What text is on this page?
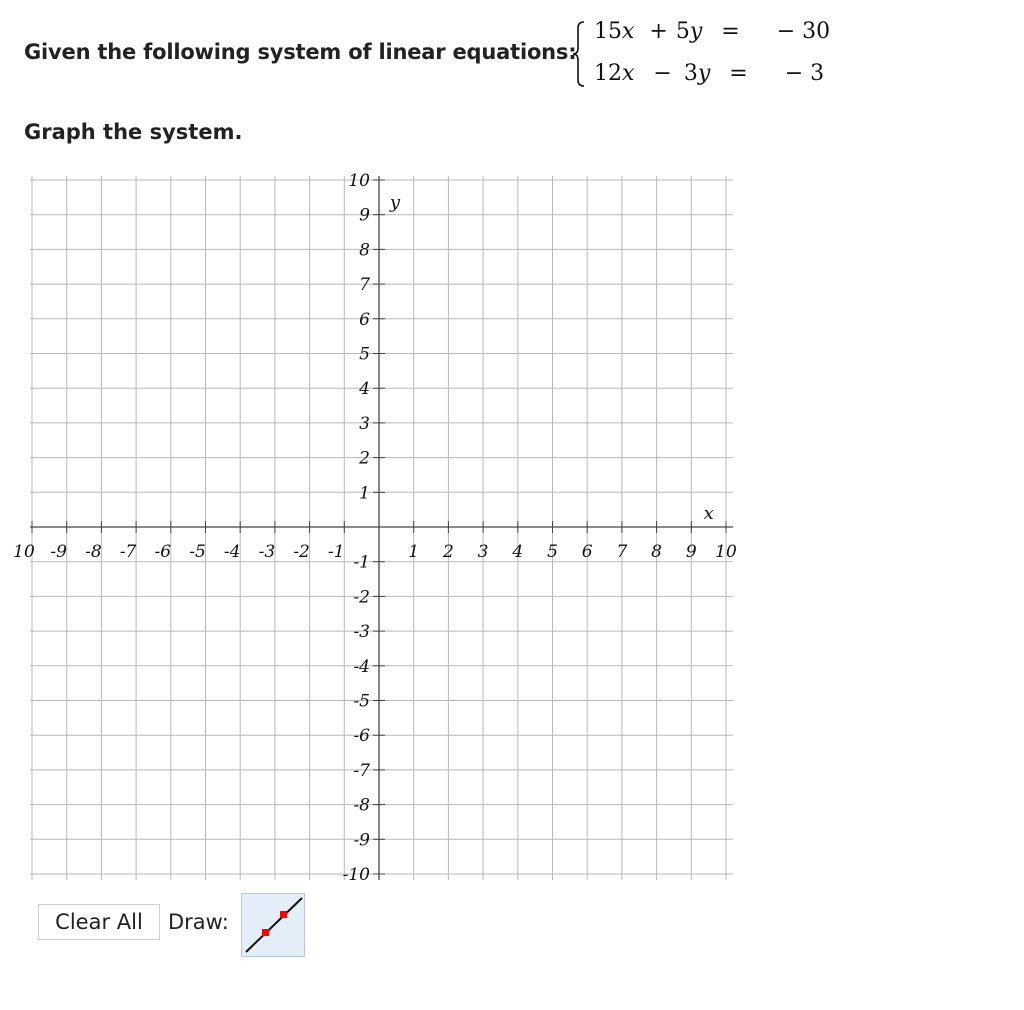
Given the following system of linear equations:
15x + 5y = − 30
12x − 3y = − 3
Graph the system.
10 -9 -8 -7 -6 -5 -4 -3 -2 -1	1 2 3 4 5 6 7 8 9 10
10
9
8
7
6
5
4
3
2
1
-1
-2
-3
-4
-5
-6
-7
-8
-9
-10
x
y
Clear All	Draw:
